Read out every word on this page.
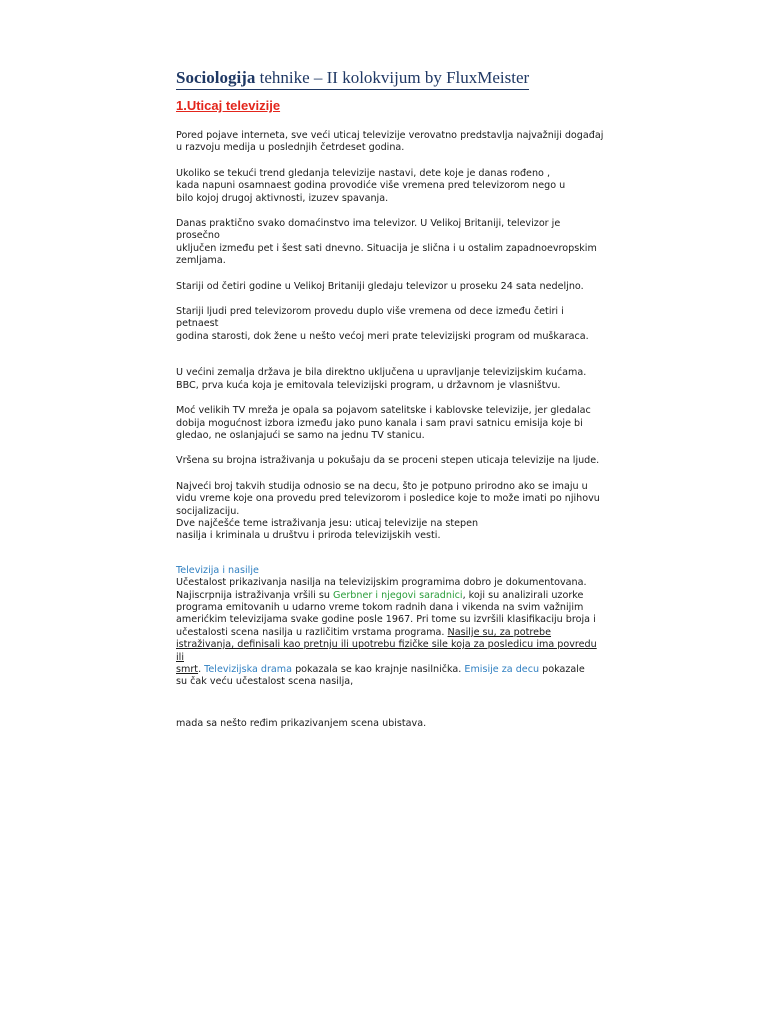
Sociologija tehnike – II kolokvijum by FluxMeister
1.Uticaj televizije

Pored pojave interneta, sve veći uticaj televizije verovatno predstavlja najvažniji događaj
u razvoju medija u poslednjih četrdeset godina.

Ukoliko se tekući trend gledanja televizije nastavi, dete koje je danas rođeno ,
kada napuni osamnaest godina provodiće više vremena pred televizorom nego u
bilo kojoj drugoj aktivnosti, izuzev spavanja.

Danas praktično svako domaćinstvo ima televizor. U Velikoj Britaniji, televizor je prosečno
uključen između pet i šest sati dnevno. Situacija je slična i u ostalim zapadnoevropskim
zemljama.

Stariji od četiri godine u Velikoj Britaniji gledaju televizor u proseku 24 sata nedeljno.

Stariji ljudi pred televizorom provedu duplo više vremena od dece između četiri i petnaest
godina starosti, dok žene u nešto većoj meri prate televizijski program od muškaraca.

U većini zemalja država je bila direktno uključena u upravljanje televizijskim kućama.
BBC, prva kuća koja je emitovala televizijski program, u državnom je vlasništvu.

Moć velikih TV mreža je opala sa pojavom satelitske i kablovske televizije, jer gledalac
dobija mogućnost izbora između jako puno kanala i sam pravi satnicu emisija koje bi
gledao, ne oslanjajući se samo na jednu TV stanicu.

Vršena su brojna istraživanja u pokušaju da se proceni stepen uticaja televizije na ljude.

Najveći broj takvih studija odnosio se na decu, što je potpuno prirodno ako se imaju u
vidu vreme koje ona provedu pred televizorom i posledice koje to može imati po njihovu
socijalizaciju.
Dve najčešće teme istraživanja jesu: uticaj televizije na stepen
nasilja i kriminala u društvu i priroda televizijskih vesti.

Televizija i nasilje

Učestalost prikazivanja nasilja na televizijskim programima dobro je dokumentovana.
Najiscrpnija istraživanja vršili su Gerbner i njegovi saradnici, koji su analizirali uzorke
programa emitovanih u udarno vreme tokom radnih dana i vikenda na svim važnijim
amerićkim televizijama svake godine posle 1967. Pri tome su izvršili klasifikaciju broja i
učestalosti scena nasilja u različitim vrstama programa. Nasilje su, za potrebe
istraživanja, definisali kao pretnju ili upotrebu fizičke sile koja za posledicu ima povredu ili
smrt. Televizijska drama pokazala se kao krajnje nasilnička. Emisije za decu pokazale
su čak veću učestalost scena nasilja,

mada sa nešto ređim prikazivanjem scena ubistava.
